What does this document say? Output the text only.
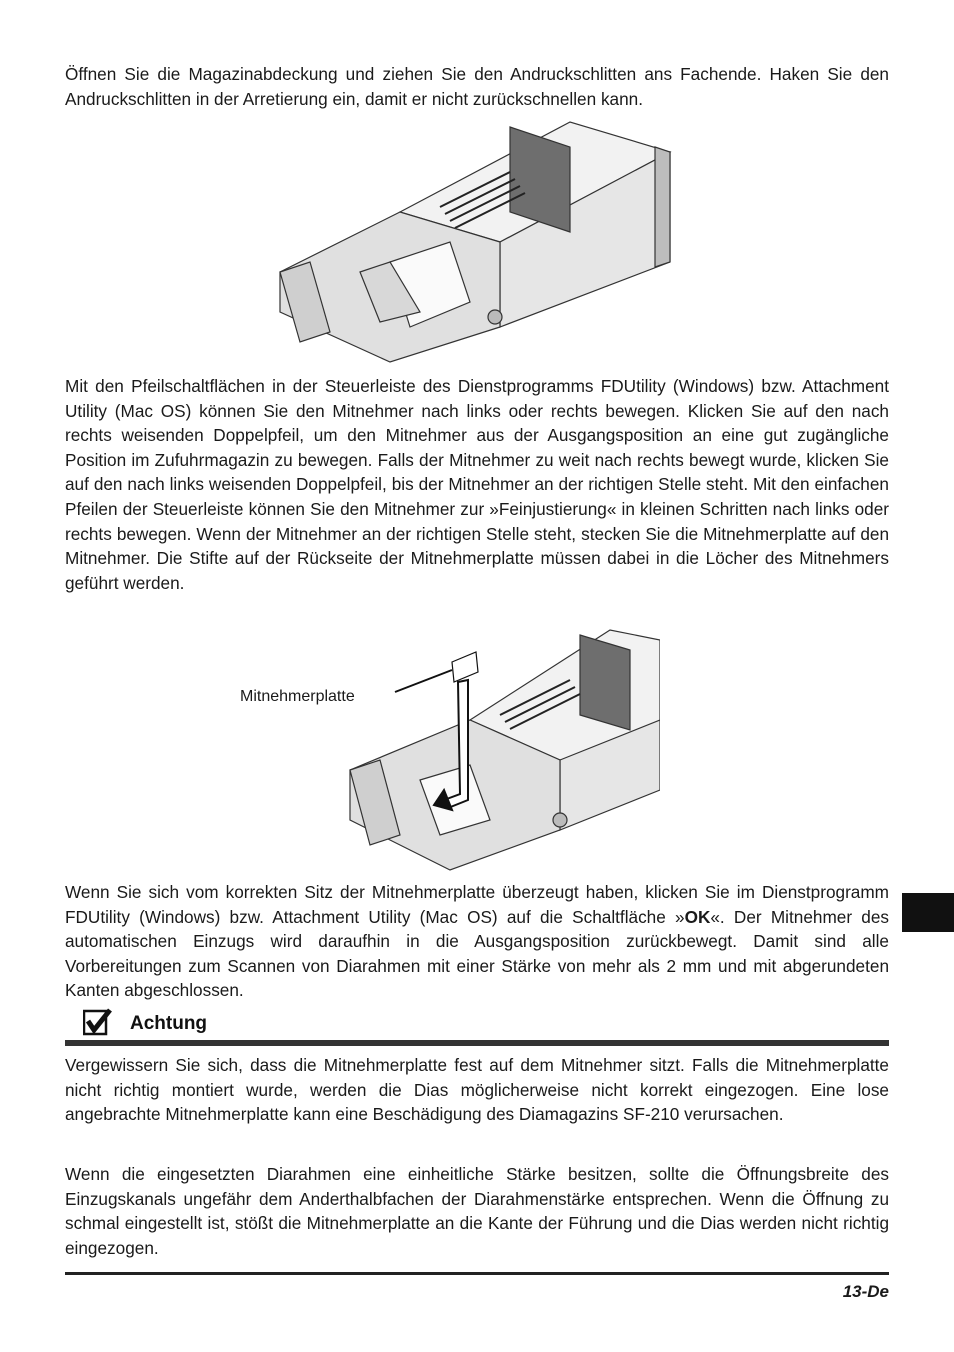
Öffnen Sie die Magazinabdeckung und ziehen Sie den Andruckschlitten ans Fachende. Haken Sie den Andruckschlitten in der Arretierung ein, damit er nicht zurückschnellen kann.

Mit den Pfeilschaltflächen in der Steuerleiste des Dienstprogramms FDUtility (Windows) bzw. Attachment Utility (Mac OS) können Sie den Mitnehmer nach links oder rechts bewegen. Klicken Sie auf den nach rechts weisenden Doppelpfeil, um den Mitnehmer aus der Ausgangsposition an eine gut zugängliche Position im Zufuhrmagazin zu bewegen. Falls der Mitnehmer zu weit nach rechts bewegt wurde, klicken Sie auf den nach links weisenden Doppelpfeil, bis der Mitnehmer an der richtigen Stelle steht. Mit den einfachen Pfeilen der Steuerleiste können Sie den Mitnehmer zur »Feinjustierung« in kleinen Schritten nach links oder rechts bewegen. Wenn der Mitnehmer an der richtigen Stelle steht, stecken Sie die Mitnehmerplatte auf den Mitnehmer. Die Stifte auf der Rückseite der Mitnehmerplatte müssen dabei in die Löcher des Mitnehmers geführt werden.

Mitnehmerplatte

Wenn Sie sich vom korrekten Sitz der Mitnehmerplatte überzeugt haben, klicken Sie im Dienstprogramm FDUtility (Windows) bzw. Attachment Utility (Mac OS) auf die Schaltfläche »OK«. Der Mitnehmer des automatischen Einzugs wird daraufhin in die Ausgangsposition zurückbewegt. Damit sind alle Vorbereitungen zum Scannen von Diarahmen mit einer Stärke von mehr als 2 mm und mit abgerundeten Kanten abgeschlossen.

Achtung

Vergewissern Sie sich, dass die Mitnehmerplatte fest auf dem Mitnehmer sitzt. Falls die Mitnehmerplatte nicht richtig montiert wurde, werden die Dias möglicherweise nicht korrekt eingezogen. Eine lose angebrachte Mitnehmerplatte kann eine Beschädigung des Diamagazins SF-210 verursachen.

Wenn die eingesetzten Diarahmen eine einheitliche Stärke besitzen, sollte die Öffnungsbreite des Einzugskanals ungefähr dem Anderthalbfachen der Diarahmenstärke entsprechen. Wenn die Öffnung zu schmal eingestellt ist, stößt die Mitnehmerplatte an die Kante der Führung und die Dias werden nicht richtig eingezogen.

13-De
